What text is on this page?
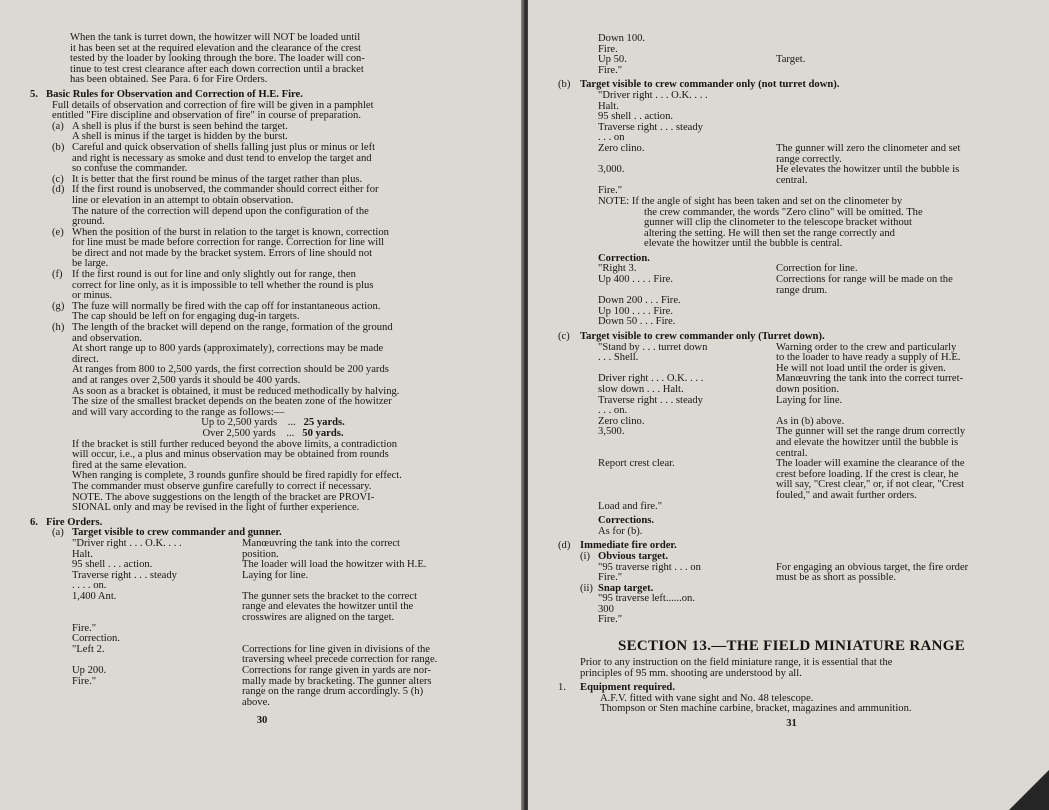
When the tank is turret down, the howitzer will NOT be loaded until

it has been set at the required elevation and the clearance of the crest

tested by the loader by looking through the bore. The loader will con-

tinue to test crest clearance after each down correction until a bracket

has been obtained. See Para. 6 for Fire Orders.

5. Basic Rules for Observation and Correction of H.E. Fire.

Full details of observation and correction of fire will be given in a pamphlet

entitled "Fire discipline and observation of fire" in course of preparation.

(a) A shell is plus if the burst is seen behind the target.

A shell is minus if the target is hidden by the burst.

(b) Careful and quick observation of shells falling just plus or minus or left

and right is necessary as smoke and dust tend to envelop the target and

so confuse the commander.

(c) It is better that the first round be minus of the target rather than plus.

(d) If the first round is unobserved, the commander should correct either for

line or elevation in an attempt to obtain observation.

The nature of the correction will depend upon the configuration of the

ground.

(e) When the position of the burst in relation to the target is known, correction

for line must be made before correction for range. Correction for line will

be direct and not made by the bracket system. Errors of line should not

be large.

(f) If the first round is out for line and only slightly out for range, then

correct for line only, as it is impossible to tell whether the round is plus

or minus.

(g) The fuze will normally be fired with the cap off for instantaneous action.

The cap should be left on for engaging dug-in targets.

(h) The length of the bracket will depend on the range, formation of the ground

and observation.

At short range up to 800 yards (approximately), corrections may be made

direct.

At ranges from 800 to 2,500 yards, the first correction should be 200 yards

and at ranges over 2,500 yards it should be 400 yards.

As soon as a bracket is obtained, it must be reduced methodically by halving.

The size of the smallest bracket depends on the beaten zone of the howitzer

and will vary according to the range as follows:—

Up to 2,500 yards ... 25 yards.

Over 2,500 yards ... 50 yards.

If the bracket is still further reduced beyond the above limits, a contradiction

will occur, i.e., a plus and minus observation may be obtained from rounds

fired at the same elevation.

When ranging is complete, 3 rounds gunfire should be fired rapidly for effect.

The commander must observe gunfire carefully to correct if necessary.

NOTE. The above suggestions on the length of the bracket are PROVI-

SIONAL only and may be revised in the light of further experience.

6. Fire Orders.

(a) Target visible to crew commander and gunner.

"Driver right . . . O.K. . . .	Manœuvring the tank into the correct
Halt.	position.
95 shell . . . action.	The loader will load the howitzer with H.E.
Traverse right . . . steady	Laying for line.
. . . . on.
1,400 Ant.	The gunner sets the bracket to the correct
range and elevates the howitzer until the
crosswires are aligned on the target.
Fire."
Correction.
"Left 2.	Corrections for line given in divisions of the
traversing wheel precede correction for range.
Up 200.	Corrections for range given in yards are nor-
Fire."	mally made by bracketing. The gunner alters
range on the range drum accordingly. 5 (h)
above.

30

Down 100.
Fire.
Up 50.	Target.
Fire."

(b) Target visible to crew commander only (not turret down).

"Driver right . . . O.K. . . .
Halt.
95 shell . . action.
Traverse right . . . steady
. . . on
Zero clino.	The gunner will zero the clinometer and set
range correctly.
3,000.	He elevates the howitzer until the bubble is
central.
Fire."

NOTE: If the angle of sight has been taken and set on the clinometer by

the crew commander, the words "Zero clino" will be omitted. The

gunner will clip the clinometer to the telescope bracket without

altering the setting. He will then set the range correctly and

elevate the howitzer until the bubble is central.

Correction.

"Right 3.	Correction for line.
Up 400 . . . . Fire.	Corrections for range will be made on the
range drum.
Down 200 . . . Fire.
Up 100 . . . . Fire.
Down 50 . . . Fire.

(c) Target visible to crew commander only (Turret down).

"Stand by . . . turret down	Warning order to the crew and particularly
. . . Shell.	to the loader to have ready a supply of H.E.
He will not load until the order is given.
Driver right . . . O.K. . . .	Manœuvring the tank into the correct turret-
slow down . . . Halt.	down position.
Traverse right . . . steady	Laying for line.
. . . on.
Zero clino.	As in (b) above.
3,500.	The gunner will set the range drum correctly
and elevate the howitzer until the bubble is
central.
Report crest clear.	The loader will examine the clearance of the
crest before loading. If the crest is clear, he
will say, "Crest clear," or, if not clear, "Crest
fouled," and await further orders.
Load and fire."

Corrections.

As for (b).

(d) Immediate fire order.

(i) Obvious target.

"95 traverse right . . . on	For engaging an obvious target, the fire order
Fire."	must be as short as possible.

(ii) Snap target.

"95 traverse left......on.

300

Fire."

SECTION 13.—THE FIELD MINIATURE RANGE

Prior to any instruction on the field miniature range, it is essential that the

principles of 95 mm. shooting are understood by all.

1. Equipment required.

A.F.V. fitted with vane sight and No. 48 telescope.

Thompson or Sten machine carbine, bracket, magazines and ammunition.

31
